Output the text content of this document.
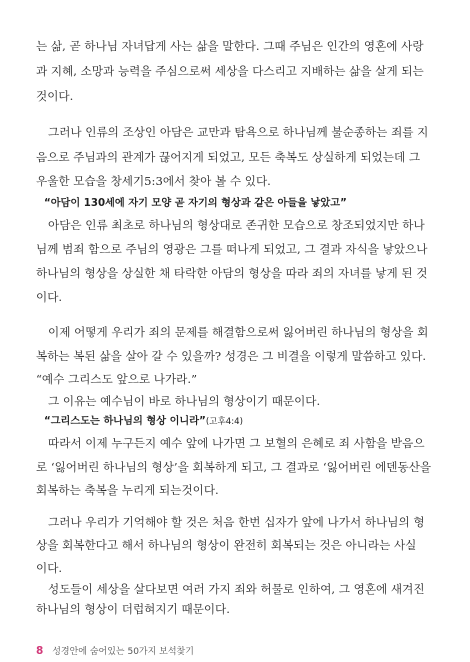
는 삶, 곧 하나님 자녀답게 사는 삶을 말한다. 그때 주님은 인간의 영혼에 사랑
과 지혜, 소망과 능력을 주심으로써 세상을 다스리고 지배하는 삶을 살게 되는
것이다.
그러나 인류의 조상인 아담은 교만과 탐욕으로 하나님께 불순종하는 죄를 지
음으로 주님과의 관계가 끊어지게 되었고, 모든 축복도 상실하게 되었는데 그
우울한 모습을 창세기5:3에서 찾아 볼 수 있다.
“아담이 130세에 자기 모양 곧 자기의 형상과 같은 아들을 낳았고”
아담은 인류 최초로 하나님의 형상대로 존귀한 모습으로 창조되었지만 하나
님께 범죄 함으로 주님의 영광은 그를 떠나게 되었고, 그 결과 자식을 낳았으나
하나님의 형상을 상실한 채 타락한 아담의 형상을 따라 죄의 자녀를 낳게 된 것
이다.
이제 어떻게 우리가 죄의 문제를 해결함으로써 잃어버린 하나님의 형상을 회
복하는 복된 삶을 살아 갈 수 있을까? 성경은 그 비결을 이렇게 말씀하고 있다.
“예수 그리스도 앞으로 나가라.”
그 이유는 예수님이 바로 하나님의 형상이기 때문이다.
“그리스도는 하나님의 형상 이니라”(고후4:4)
따라서 이제 누구든지 예수 앞에 나가면 그 보혈의 은혜로 죄 사함을 받음으
로 ‘잃어버린 하나님의 형상’을 회복하게 되고, 그 결과로 ‘잃어버린 에덴동산을
회복하는 축복을 누리게 되는것이다.
그러나 우리가 기억해야 할 것은 처음 한번 십자가 앞에 나가서 하나님의 형
상을 회복한다고 해서 하나님의 형상이 완전히 회복되는 것은 아니라는 사실
이다.
성도들이 세상을 살다보면 여러 가지 죄와 허물로 인하여, 그 영혼에 새겨진
하나님의 형상이 더럽혀지기 때문이다.
8 성경안에 숨어있는 50가지 보석찾기
